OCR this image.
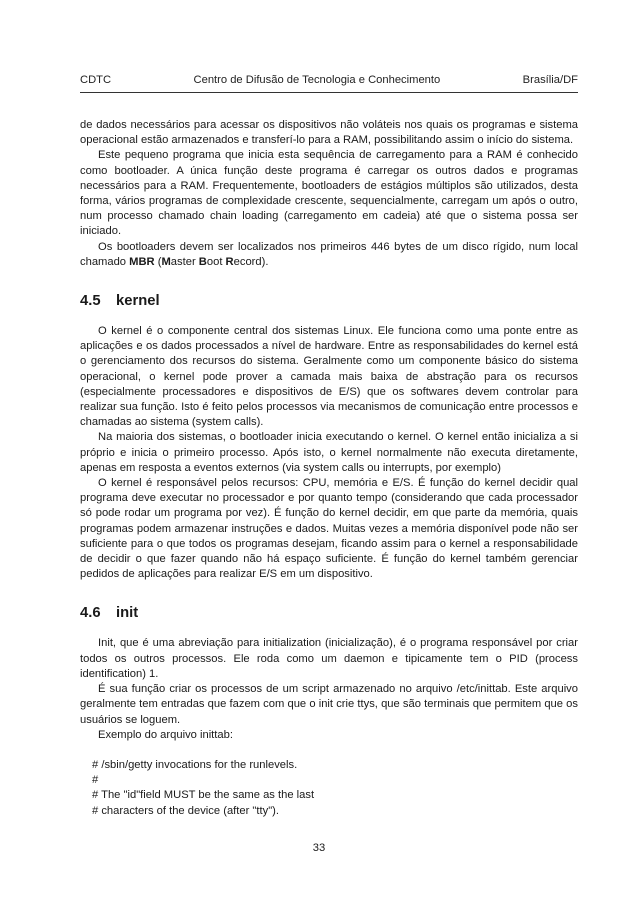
CDTC	Centro de Difusão de Tecnologia e Conhecimento	Brasília/DF

de dados necessários para acessar os dispositivos não voláteis nos quais os programas e sistema operacional estão armazenados e transferí-lo para a RAM, possibilitando assim o início do sistema.

Este pequeno programa que inicia esta sequência de carregamento para a RAM é conhecido como bootloader. A única função deste programa é carregar os outros dados e programas necessários para a RAM. Frequentemente, bootloaders de estágios múltiplos são utilizados, desta forma, vários programas de complexidade crescente, sequencialmente, carregam um após o outro, num processo chamado chain loading (carregamento em cadeia) até que o sistema possa ser iniciado.

Os bootloaders devem ser localizados nos primeiros 446 bytes de um disco rígido, num local chamado MBR (Master Boot Record).

4.5 kernel

O kernel é o componente central dos sistemas Linux. Ele funciona como uma ponte entre as aplicações e os dados processados a nível de hardware. Entre as responsabilidades do kernel está o gerenciamento dos recursos do sistema. Geralmente como um componente básico do sistema operacional, o kernel pode prover a camada mais baixa de abstração para os recursos (especialmente processadores e dispositivos de E/S) que os softwares devem controlar para realizar sua função. Isto é feito pelos processos via mecanismos de comunicação entre processos e chamadas ao sistema (system calls).

Na maioria dos sistemas, o bootloader inicia executando o kernel. O kernel então inicializa a si próprio e inicia o primeiro processo. Após isto, o kernel normalmente não executa diretamente, apenas em resposta a eventos externos (via system calls ou interrupts, por exemplo)

O kernel é responsável pelos recursos: CPU, memória e E/S. É função do kernel decidir qual programa deve executar no processador e por quanto tempo (considerando que cada processador só pode rodar um programa por vez). É função do kernel decidir, em que parte da memória, quais programas podem armazenar instruções e dados. Muitas vezes a memória disponível pode não ser suficiente para o que todos os programas desejam, ficando assim para o kernel a responsabilidade de decidir o que fazer quando não há espaço suficiente. É função do kernel também gerenciar pedidos de aplicações para realizar E/S em um dispositivo.

4.6 init

Init, que é uma abreviação para initialization (inicialização), é o programa responsável por criar todos os outros processos. Ele roda como um daemon e tipicamente tem o PID (process identification) 1.

É sua função criar os processos de um script armazenado no arquivo /etc/inittab. Este arquivo geralmente tem entradas que fazem com que o init crie ttys, que são terminais que permitem que os usuários se loguem.

Exemplo do arquivo inittab:

# /sbin/getty invocations for the runlevels.
#
# The "id"field MUST be the same as the last
# characters of the device (after "tty").
33
